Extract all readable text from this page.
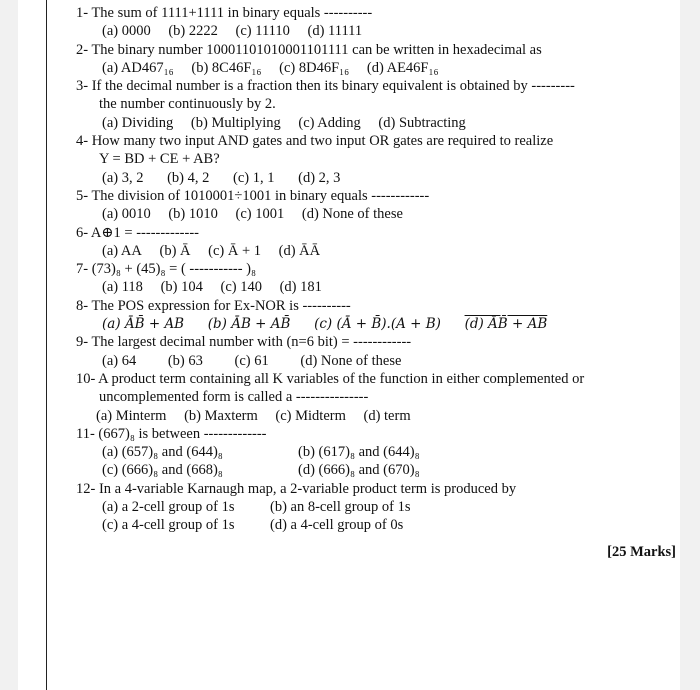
1- The sum of 1111+1111 in binary equals ----------
(a) 0000 (b) 2222 (c) 11110 (d) 11111
2- The binary number 1000110101000110111​1 can be written in hexadecimal as
(a) AD467₁₆ (b) 8C46F₁₆ (c) 8D46F₁₆ (d) AE46F₁₆
3- If the decimal number is a fraction then its binary equivalent is obtained by ---------
the number continuously by 2.
(a) Dividing (b) Multiplying (c) Adding (d) Subtracting
4- How many two input AND gates and two input OR gates are required to realize
Y = BD + CE + AB?
(a) 3, 2 (b) 4, 2 (c) 1, 1 (d) 2, 3
5- The division of 1010001÷1001 in binary equals ------------
(a) 0010 (b) 1010 (c) 1001 (d) None of these
6- A⊕1 = -------------
(a) AA (b) Ā (c) Ā + 1 (d) ĀĀ
7- (73)₈ + (45)₈ = ( ----------- )₈
(a) 118 (b) 104 (c) 140 (d) 181
8- The POS expression for Ex-NOR is ----------
(a) ĀB̄ + AB (b) ĀB + AB̄ (c) (Ā + B̄).(A + B) (d) ĀB̄ + AB
9- The largest decimal number with (n=6 bit) = ------------
(a) 64 (b) 63 (c) 61 (d) None of these
10- A product term containing all K variables of the function in either complemented or
uncomplemented form is called a ---------------
(a) Minterm (b) Maxterm (c) Midterm (d) term
11- (667)₈ is between -------------
(a) (657)₈ and (644)₈	(b) (617)₈ and (644)₈
(c) (666)₈ and (668)₈	(d) (666)₈ and (670)₈
12- In a 4-variable Karnaugh map, a 2-variable product term is produced by
(a) a 2-cell group of 1s	(b) an 8-cell group of 1s
(c) a 4-cell group of 1s	(d) a 4-cell group of 0s
[25 Marks]
